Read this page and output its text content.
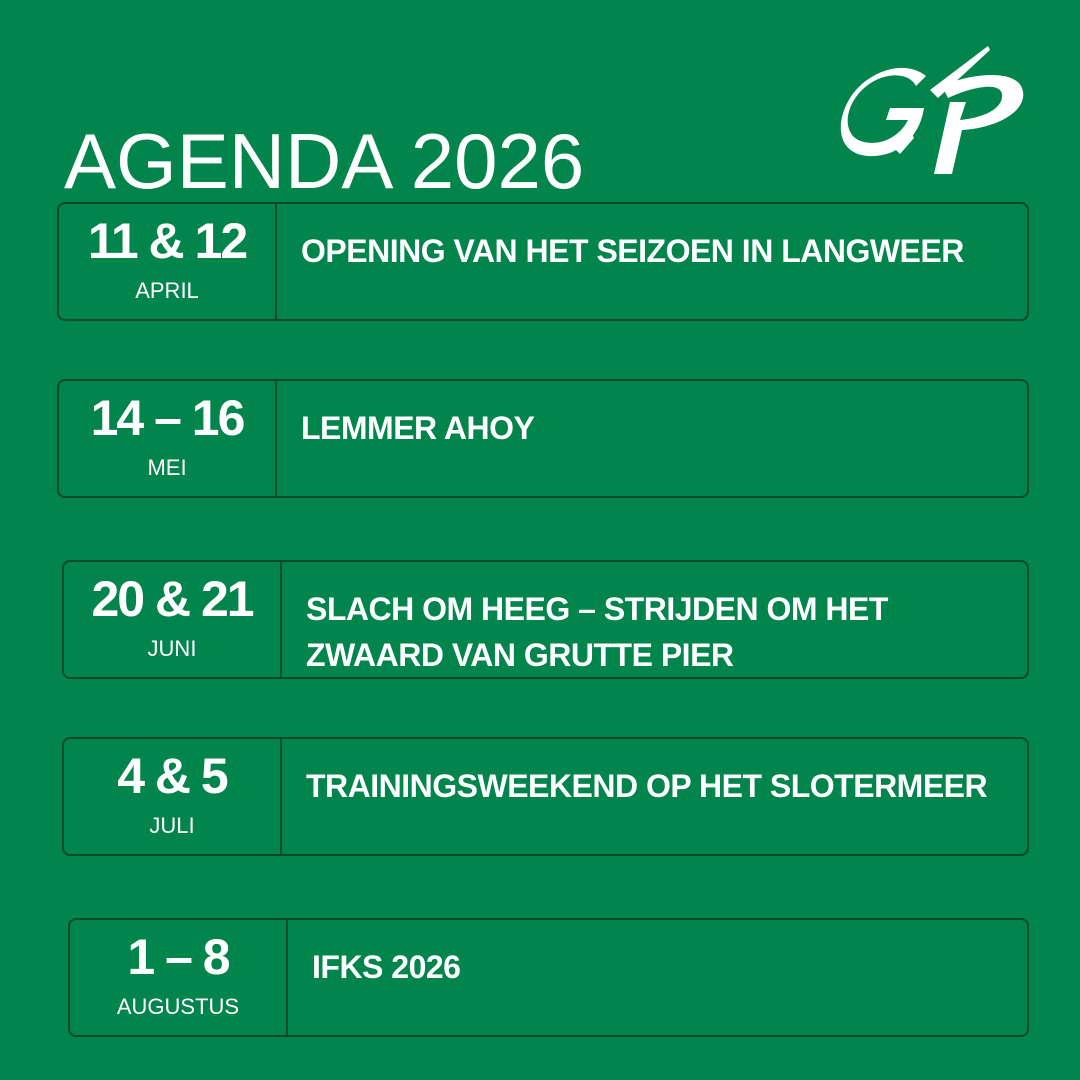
AGENDA 2026
11 & 12
APRIL
OPENING VAN HET SEIZOEN IN LANGWEER
14 – 16
MEI
LEMMER AHOY
20 & 21
JUNI
SLACH OM HEEG – STRIJDEN OM HET ZWAARD VAN GRUTTE PIER
4 & 5
JULI
TRAININGSWEEKEND OP HET SLOTERMEER
1 – 8
AUGUSTUS
IFKS 2026
